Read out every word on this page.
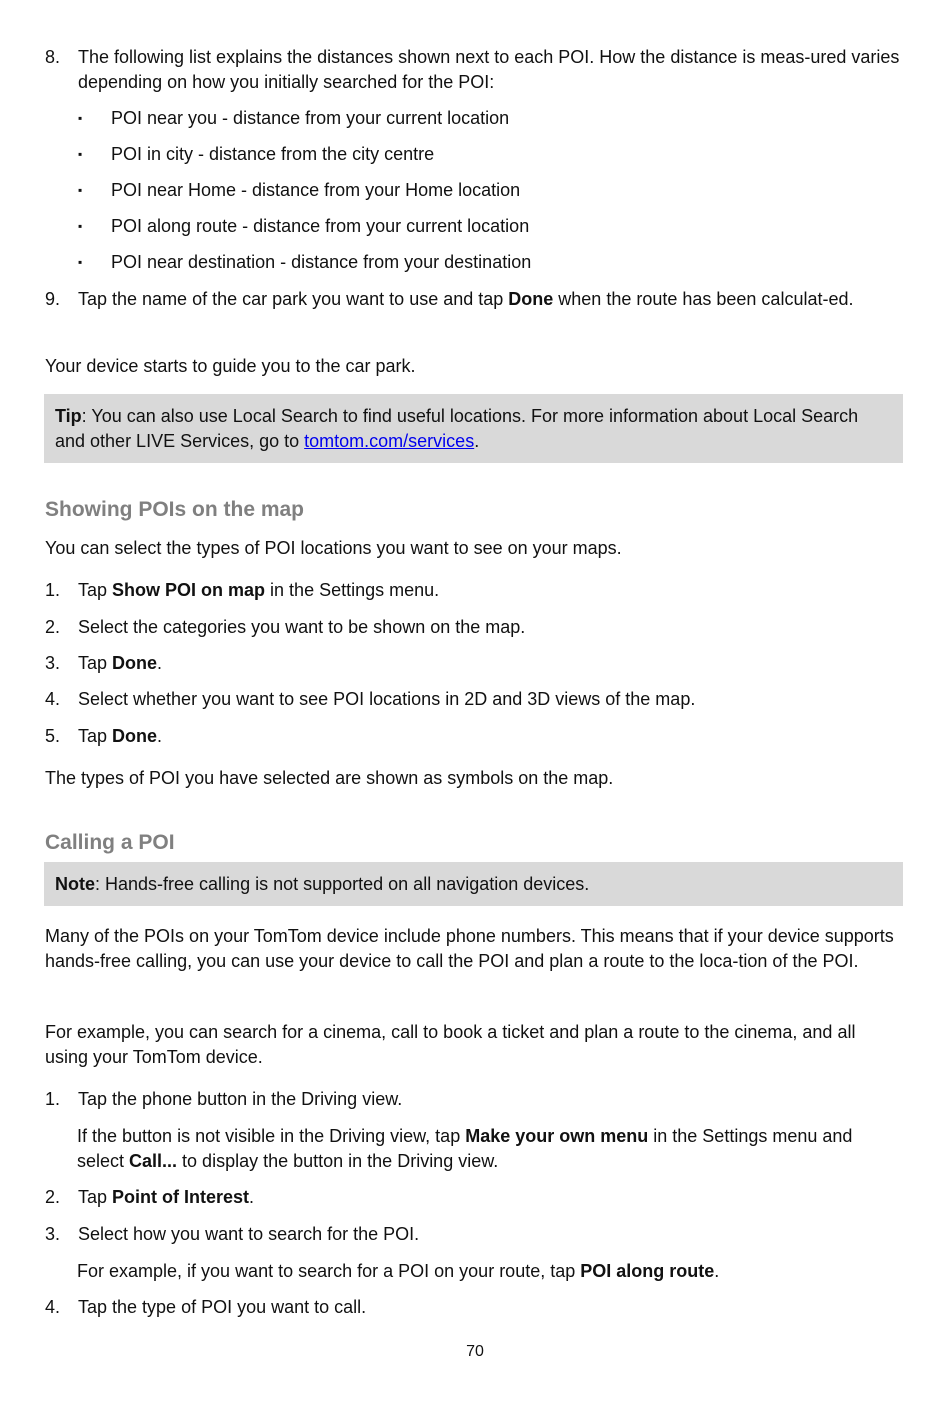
8. The following list explains the distances shown next to each POI. How the distance is meas-ured varies depending on how you initially searched for the POI:
▪	POI near you - distance from your current location
▪	POI in city - distance from the city centre
▪	POI near Home - distance from your Home location
▪	POI along route - distance from your current location
▪	POI near destination - distance from your destination
9. Tap the name of the car park you want to use and tap Done when the route has been calculat-ed.
Your device starts to guide you to the car park.
Tip: You can also use Local Search to find useful locations. For more information about Local Search and other LIVE Services, go to tomtom.com/services.
Showing POIs on the map
You can select the types of POI locations you want to see on your maps.
1. Tap Show POI on map in the Settings menu.
2. Select the categories you want to be shown on the map.
3. Tap Done.
4. Select whether you want to see POI locations in 2D and 3D views of the map.
5. Tap Done.
The types of POI you have selected are shown as symbols on the map.
Calling a POI
Note: Hands-free calling is not supported on all navigation devices.
Many of the POIs on your TomTom device include phone numbers. This means that if your device supports hands-free calling, you can use your device to call the POI and plan a route to the loca-tion of the POI.
For example, you can search for a cinema, call to book a ticket and plan a route to the cinema, and all using your TomTom device.
1. Tap the phone button in the Driving view.
If the button is not visible in the Driving view, tap Make your own menu in the Settings menu and select Call... to display the button in the Driving view.
2. Tap Point of Interest.
3. Select how you want to search for the POI.
For example, if you want to search for a POI on your route, tap POI along route.
4. Tap the type of POI you want to call.
70
